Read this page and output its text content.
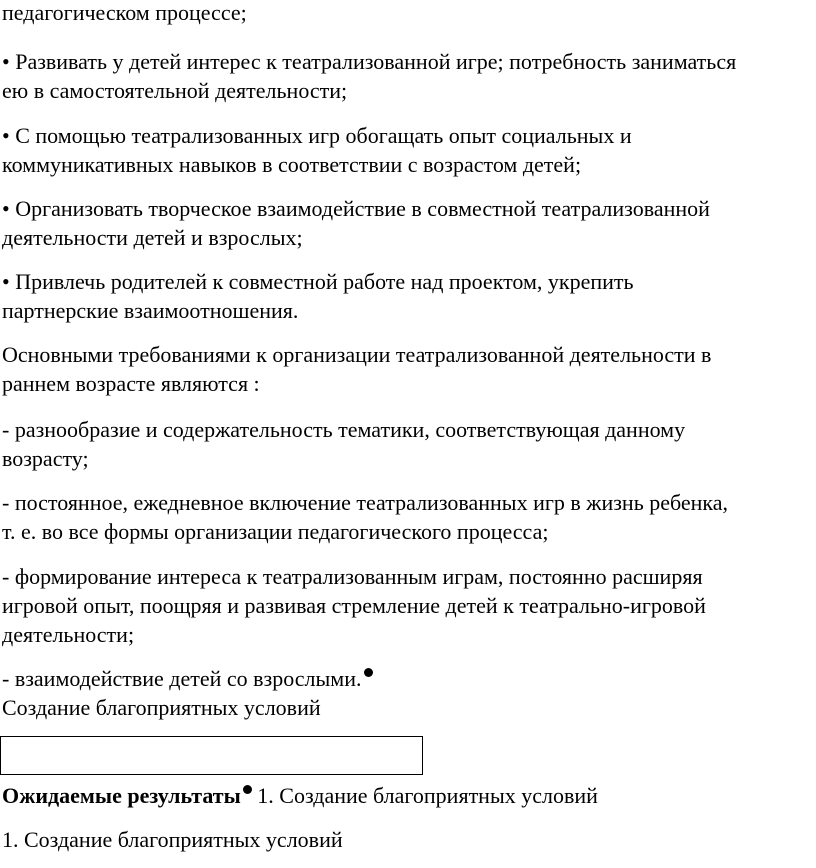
педагогическом процессе;
• Развивать у детей интерес к театрализованной игре; потребность заниматься
ею в самостоятельной деятельности;
• С помощью театрализованных игр обогащать опыт социальных и
коммуникативных навыков в соответствии с возрастом детей;
• Организовать творческое взаимодействие в совместной театрализованной
деятельности детей и взрослых;
• Привлечь родителей к совместной работе над проектом, укрепить
партнерские взаимоотношения.
Основными требованиями к организации театрализованной деятельности в
раннем возрасте являются :
- разнообразие и содержательность тематики, соответствующая данному
возрасту;
- постоянное, ежедневное включение театрализованных игр в жизнь ребенка,
т. е. во все формы организации педагогического процесса;
- формирование интереса к театрализованным играм, постоянно расширяя
игровой опыт, поощряя и развивая стремление детей к театрально-игровой
деятельности;
- взаимодействие детей со взрослыми.
Создание благоприятных условий
Ожидаемые результаты 1. Создание благоприятных условий
1. Создание благоприятных условий
